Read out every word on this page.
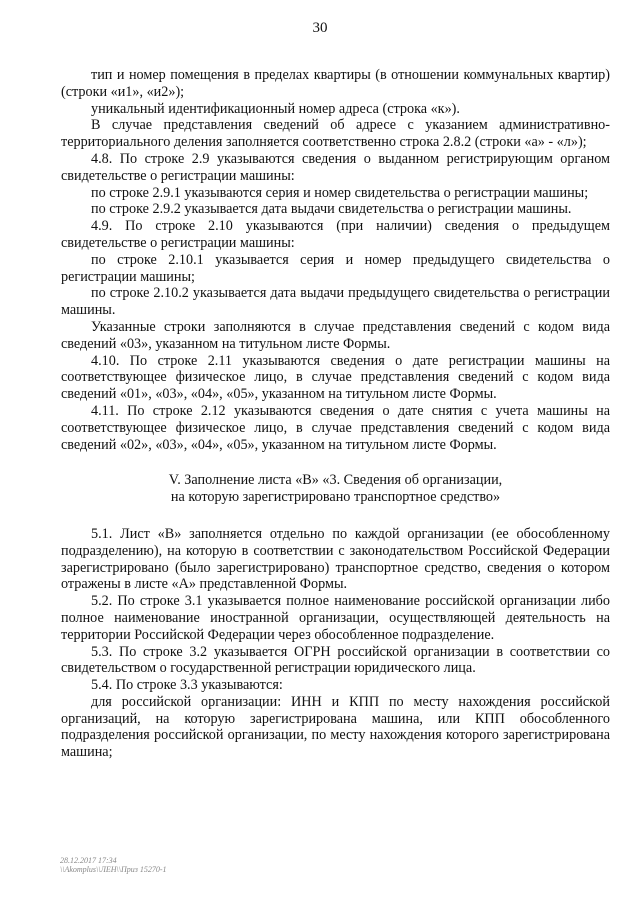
30

тип и номер помещения в пределах квартиры (в отношении коммунальных квартир) (строки «и1», «и2»);

уникальный идентификационный номер адреса (строка «к»).

В случае представления сведений об адресе с указанием административно-территориального деления заполняется соответственно строка 2.8.2 (строки «а» - «л»);

4.8. По строке 2.9 указываются сведения о выданном регистрирующим органом свидетельстве о регистрации машины:

по строке 2.9.1 указываются серия и номер свидетельства о регистрации машины;

по строке 2.9.2 указывается дата выдачи свидетельства о регистрации машины.

4.9. По строке 2.10 указываются (при наличии) сведения о предыдущем свидетельстве о регистрации машины:

по строке 2.10.1 указывается серия и номер предыдущего свидетельства о регистрации машины;

по строке 2.10.2 указывается дата выдачи предыдущего свидетельства о регистрации машины.

Указанные строки заполняются в случае представления сведений с кодом вида сведений «03», указанном на титульном листе Формы.

4.10. По строке 2.11 указываются сведения о дате регистрации машины на соответствующее физическое лицо, в случае представления сведений с кодом вида сведений «01», «03», «04», «05», указанном на титульном листе Формы.

4.11. По строке 2.12 указываются сведения о дате снятия с учета машины на соответствующее физическое лицо, в случае представления сведений с кодом вида сведений «02», «03», «04», «05», указанном на титульном листе Формы.

V. Заполнение листа «В» «3. Сведения об организации,
на которую зарегистрировано транспортное средство»

5.1. Лист «В» заполняется отдельно по каждой организации (ее обособленному подразделению), на которую в соответствии с законодательством Российской Федерации зарегистрировано (было зарегистрировано) транспортное средство, сведения о котором отражены в листе «А» представленной Формы.

5.2. По строке 3.1 указывается полное наименование российской организации либо полное наименование иностранной организации, осуществляющей деятельность на территории Российской Федерации через обособленное подразделение.

5.3. По строке 3.2 указывается ОГРН российской организации в соответствии со свидетельством о государственной регистрации юридического лица.

5.4. По строке 3.3 указываются:

для российской организации: ИНН и КПП по месту нахождения российской организаций, на которую зарегистрирована машина, или КПП обособленного подразделения российской организации, по месту нахождения которого зарегистрирована машина;

28.12.2017 17:34
\\Akomplus\\ЛЕН\\Приз 15270-1
